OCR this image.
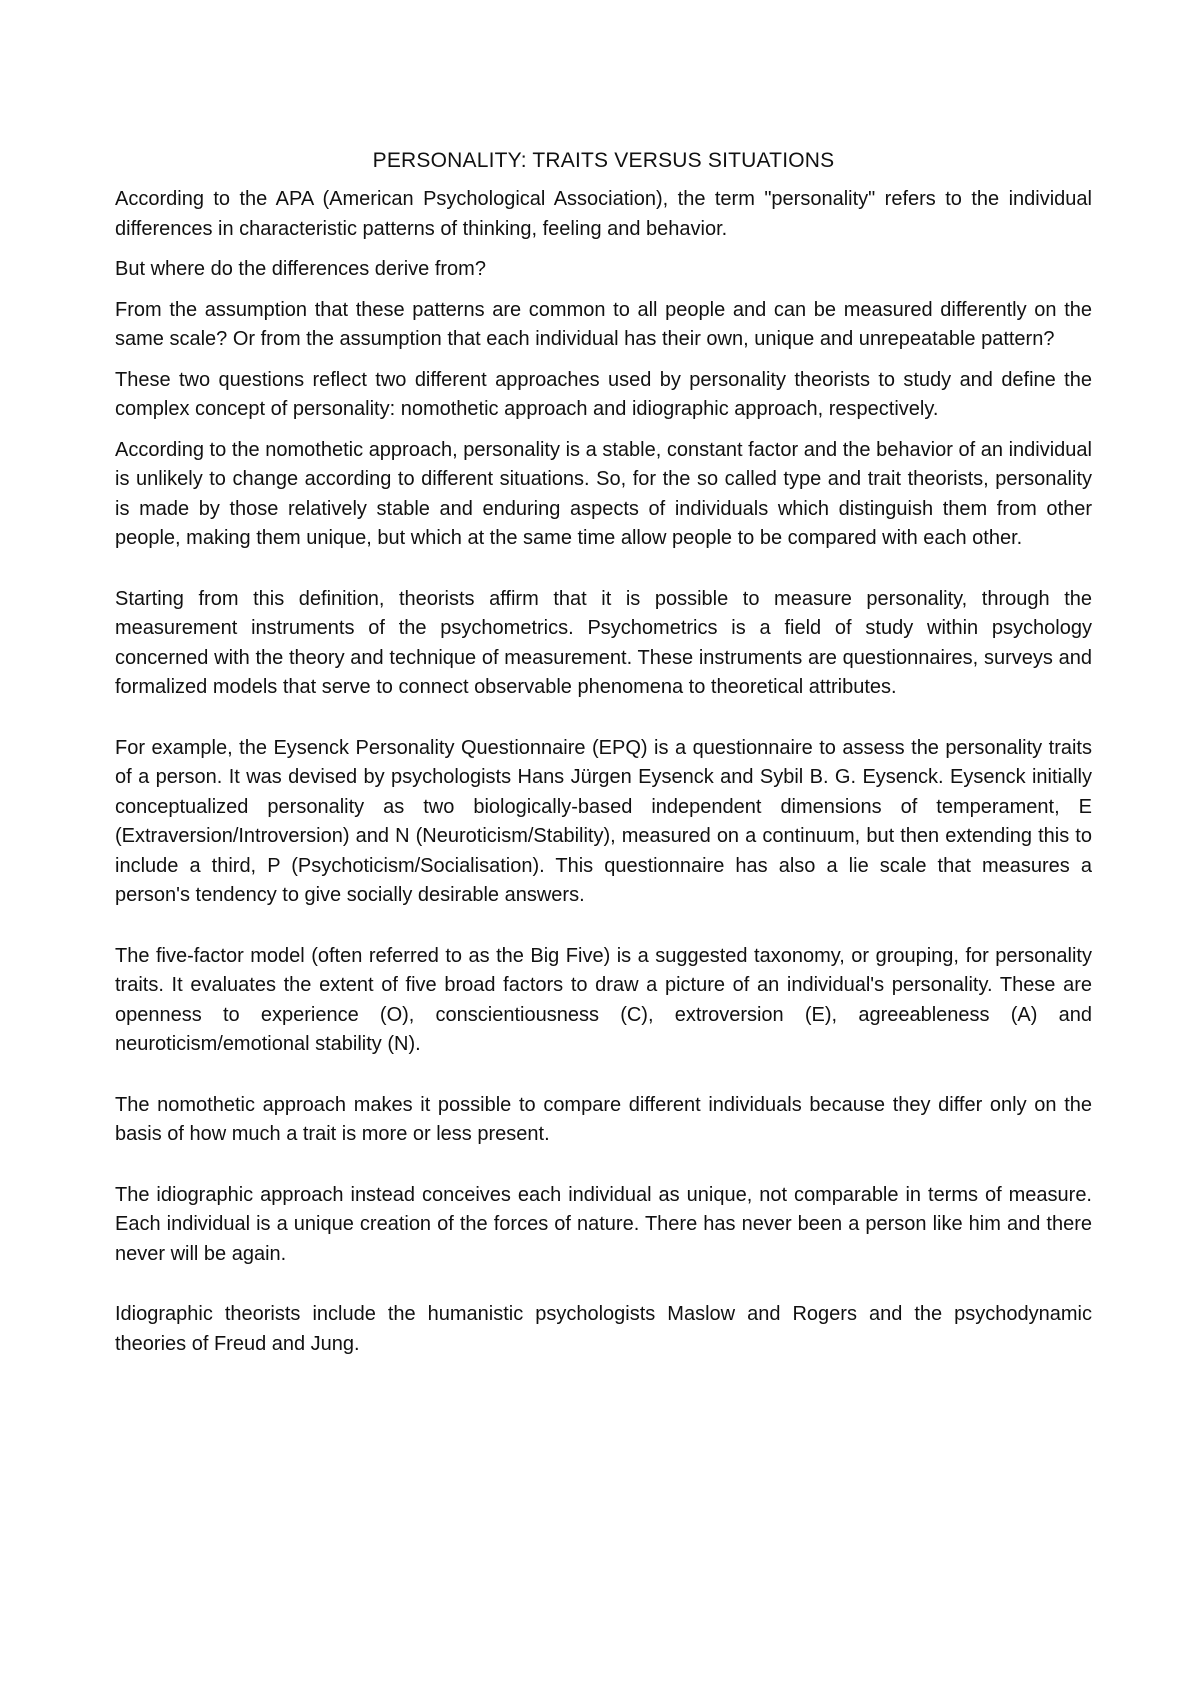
PERSONALITY: TRAITS VERSUS SITUATIONS

According to the APA (American Psychological Association), the term "personality" refers to the individual differences in characteristic patterns of thinking, feeling and behavior.

But where do the differences derive from?

From the assumption that these patterns are common to all people and can be measured differently on the same scale? Or from the assumption that each individual has their own, unique and unrepeatable pattern?

These two questions reflect two different approaches used by personality theorists to study and define the complex concept of personality: nomothetic approach and idiographic approach, respectively.

According to the nomothetic approach, personality is a stable, constant factor and the behavior of an individual is unlikely to change according to different situations. So, for the so called type and trait theorists, personality is made by those relatively stable and enduring aspects of individuals which distinguish them from other people, making them unique, but which at the same time allow people to be compared with each other.

Starting from this definition, theorists affirm that it is possible to measure personality, through the measurement instruments of the psychometrics. Psychometrics is a field of study within psychology concerned with the theory and technique of measurement. These instruments are questionnaires, surveys and formalized models that serve to connect observable phenomena to theoretical attributes.

For example, the Eysenck Personality Questionnaire (EPQ) is a questionnaire to assess the personality traits of a person. It was devised by psychologists Hans Jürgen Eysenck and Sybil B. G. Eysenck. Eysenck initially conceptualized personality as two biologically-based independent dimensions of temperament, E (Extraversion/Introversion) and N (Neuroticism/Stability), measured on a continuum, but then extending this to include a third, P (Psychoticism/Socialisation). This questionnaire has also a lie scale that measures a person's tendency to give socially desirable answers.

The five-factor model (often referred to as the Big Five) is a suggested taxonomy, or grouping, for personality traits. It evaluates the extent of five broad factors to draw a picture of an individual's personality. These are openness to experience (O), conscientiousness (C), extroversion (E), agreeableness (A) and neuroticism/emotional stability (N).

The nomothetic approach makes it possible to compare different individuals because they differ only on the basis of how much a trait is more or less present.

The idiographic approach instead conceives each individual as unique, not comparable in terms of measure. Each individual is a unique creation of the forces of nature. There has never been a person like him and there never will be again.

Idiographic theorists include the humanistic psychologists Maslow and Rogers and the psychodynamic theories of Freud and Jung.
